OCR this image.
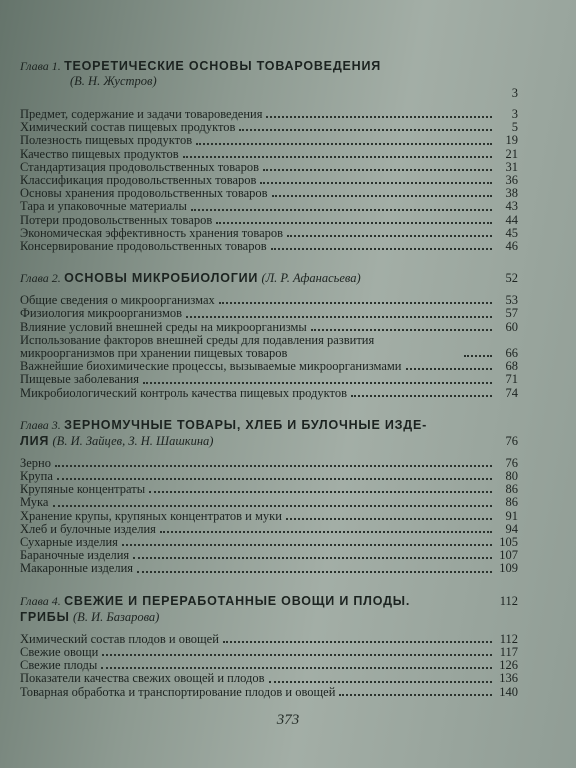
Глава 1. ТЕОРЕТИЧЕСКИЕ ОСНОВЫ ТОВАРОВЕДЕНИЯ
(В. Н. Жустров)
3
Предмет, содержание и задачи товароведения	3
Химический состав пищевых продуктов	5
Полезность пищевых продуктов	19
Качество пищевых продуктов	21
Стандартизация продовольственных товаров	31
Классификация продовольственных товаров	36
Основы хранения продовольственных товаров	38
Тара и упаковочные материалы	43
Потери продовольственных товаров	44
Экономическая эффективность хранения товаров	45
Консервирование продовольственных товаров	46
Глава 2. ОСНОВЫ МИКРОБИОЛОГИИ (Л. Р. Афанасьева)	52
Общие сведения о микроорганизмах	53
Физиология микроорганизмов	57
Влияние условий внешней среды на микроорганизмы	60
Использование факторов внешней среды для подавления развития микроорганизмов при хранении пищевых товаров	66
Важнейшие биохимические процессы, вызываемые микроорганизмами	68
Пищевые заболевания	71
Микробиологический контроль качества пищевых продуктов	74
Глава 3. ЗЕРНОМУЧНЫЕ ТОВАРЫ, ХЛЕБ И БУЛОЧНЫЕ ИЗДЕ-
ЛИЯ (В. И. Зайцев, З. Н. Шашкина)	76
Зерно	76
Крупа	80
Крупяные концентраты	86
Мука	86
Хранение крупы, крупяных концентратов и муки	91
Хлеб и булочные изделия	94
Сухарные изделия	105
Бараночные изделия	107
Макаронные изделия	109
Глава 4. СВЕЖИЕ И ПЕРЕРАБОТАННЫЕ ОВОЩИ И ПЛОДЫ.	112
ГРИБЫ (В. И. Базарова)
Химический состав плодов и овощей	112
Свежие овощи	117
Свежие плоды	126
Показатели качества свежих овощей и плодов	136
Товарная обработка и транспортирование плодов и овощей	140
373
